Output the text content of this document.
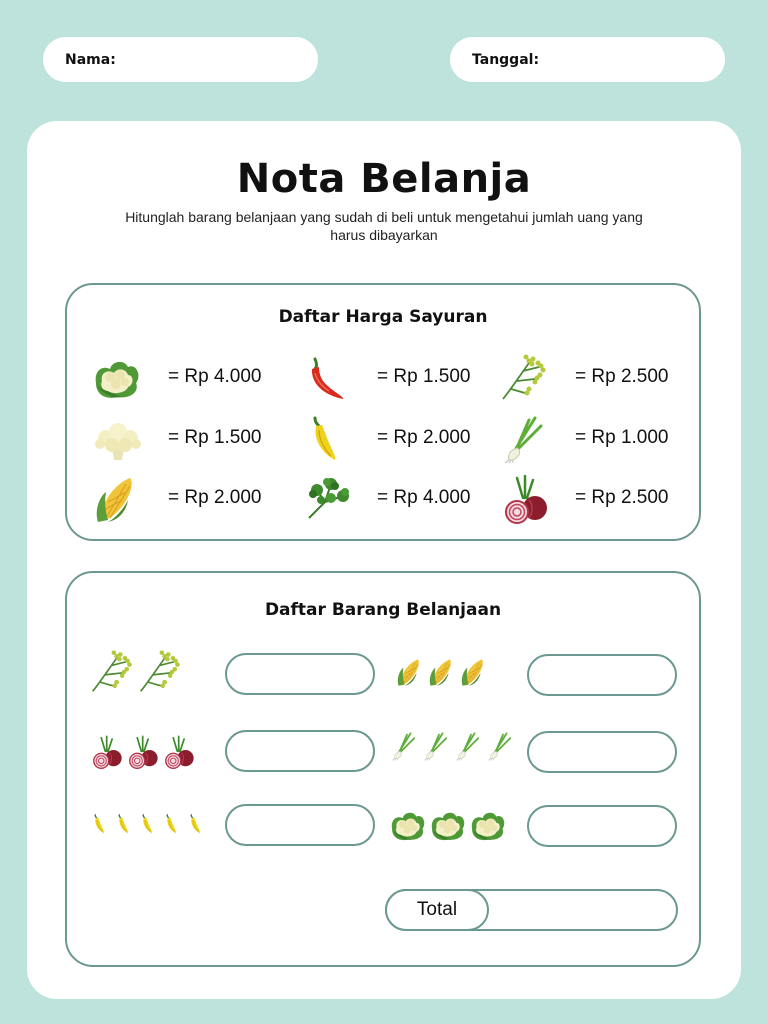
Nama:	Tanggal:
Nota Belanja

Hitunglah barang belanjaan yang sudah di beli untuk mengetahui jumlah uang yang harus dibayarkan

Daftar Harga Sayuran
= Rp 4.000	= Rp 1.500	= Rp 2.500
= Rp 1.500	= Rp 2.000	= Rp 1.000
= Rp 2.000	= Rp 4.000	= Rp 2.500
Daftar Barang Belanjaan
Total
